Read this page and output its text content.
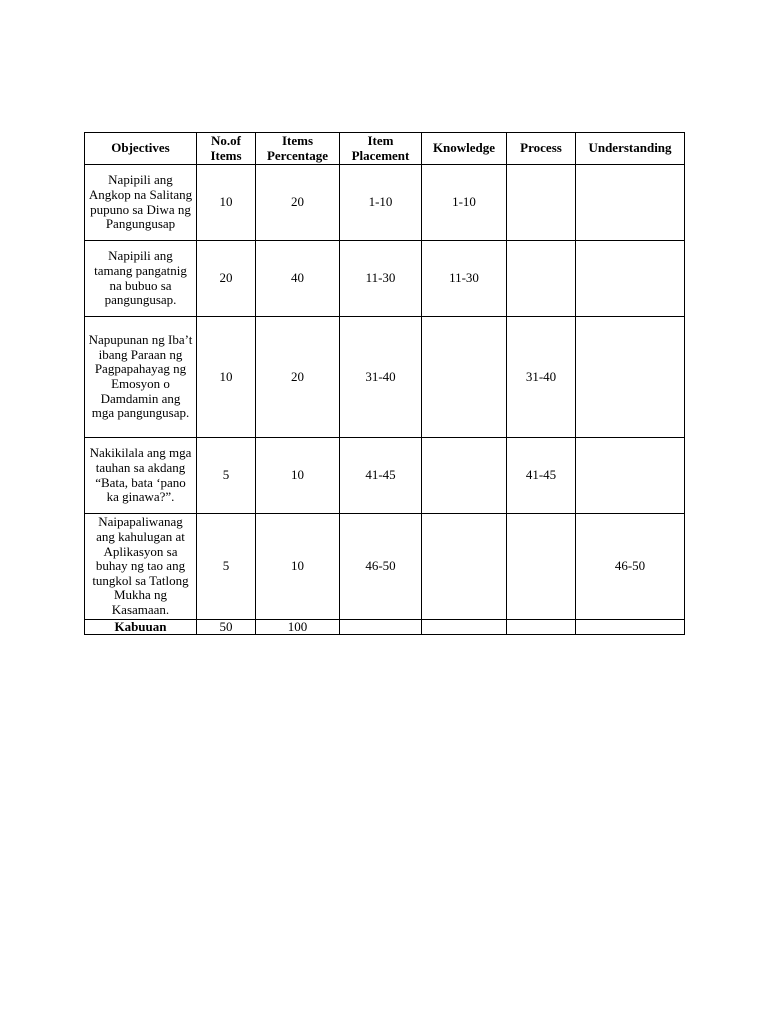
Objectives	No.of Items	Items Percentage	Item Placement	Knowledge	Process	Understanding
Napipili ang Angkop na Salitang pupuno sa Diwa ng Pangungusap	10	20	1-10	1-10		
Napipili ang tamang pangatnig na bubuo sa pangungusap.	20	40	11-30	11-30		
Napupunan ng Iba’t ibang Paraan ng Pagpapahayag ng Emosyon o Damdamin ang mga pangungusap.	10	20	31-40		31-40	
Nakikilala ang mga tauhan sa akdang “Bata, bata ‘pano ka ginawa?”.	5	10	41-45		41-45	
Naipapaliwanag ang kahulugan at Aplikasyon sa buhay ng tao ang tungkol sa Tatlong Mukha ng Kasamaan.	5	10	46-50			46-50
Kabuuan	50	100				
